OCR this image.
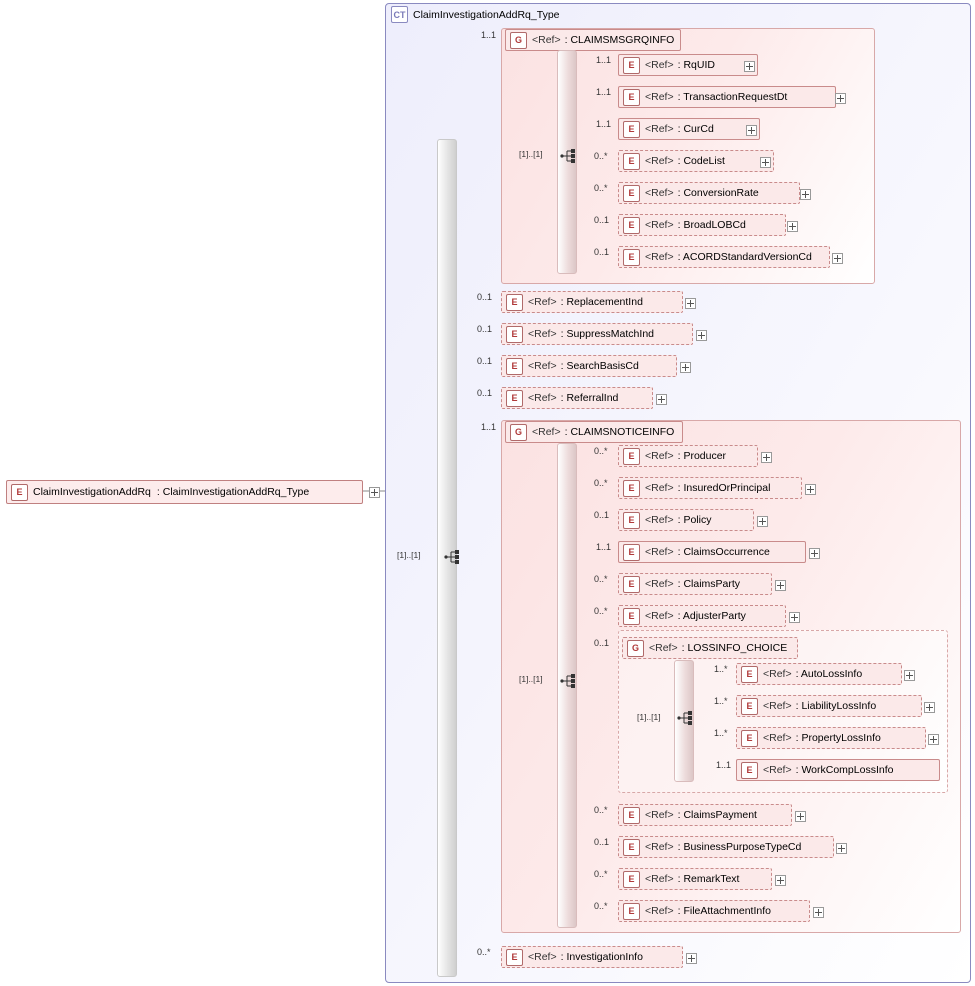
E	ClaimInvestigationAddRq : ClaimInvestigationAddRq_Type
CT ClaimInvestigationAddRq_Type
[1]..[1]
G <Ref> : CLAIMSMSGRQINFO
1..1
[1]..[1]
E	<Ref> : RqUID
1..1
E	<Ref> : TransactionRequestDt
1..1
E	<Ref> : CurCd
1..1
E	<Ref> : CodeList
0..*
E	<Ref> : ConversionRate
0..*
E	<Ref> : BroadLOBCd
0..1
E	<Ref> : ACORDStandardVersionCd
0..1
E	<Ref> : ReplacementInd
0..1
E	<Ref> : SuppressMatchInd
0..1
E	<Ref> : SearchBasisCd
0..1
E	<Ref> : ReferralInd
0..1
G <Ref> : CLAIMSNOTICEINFO
1..1
[1]..[1]
E	<Ref> : Producer
0..*
E	<Ref> : InsuredOrPrincipal
0..*
E	<Ref> : Policy
0..1
E	<Ref> : ClaimsOccurrence
1..1
E	<Ref> : ClaimsParty
0..*
E	<Ref> : AdjusterParty
0..*
G <Ref> : LOSSINFO_CHOICE
0..1
[1]..[1]
E	<Ref> : AutoLossInfo
1..*
E	<Ref> : LiabilityLossInfo
1..*
E	<Ref> : PropertyLossInfo
1..*
E	<Ref> : WorkCompLossInfo
1..1
E	<Ref> : ClaimsPayment
0..*
E	<Ref> : BusinessPurposeTypeCd
0..1
E	<Ref> : RemarkText
0..*
E	<Ref> : FileAttachmentInfo
0..*
E	<Ref> : InvestigationInfo
0..*
